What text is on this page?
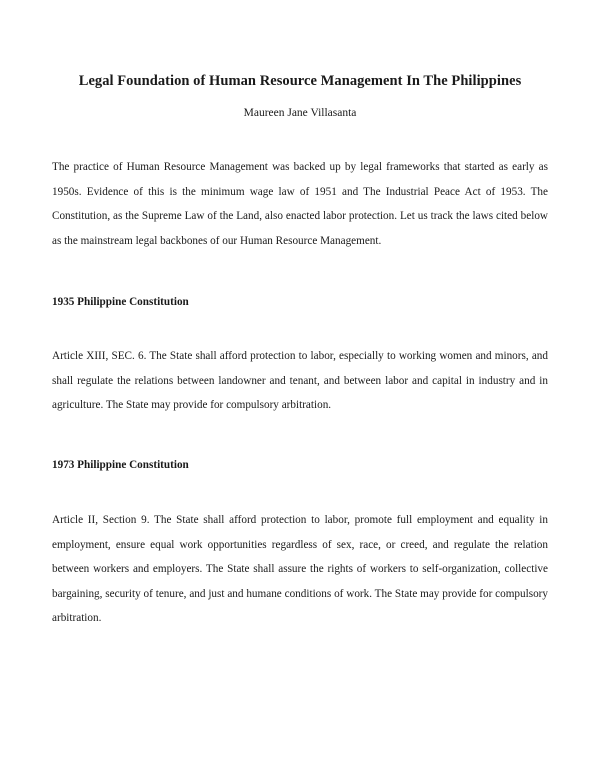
Legal Foundation of Human Resource Management In The Philippines
Maureen Jane Villasanta

The practice of Human Resource Management was backed up by legal frameworks that started as early as 1950s. Evidence of this is the minimum wage law of 1951 and The Industrial Peace Act of 1953. The Constitution, as the Supreme Law of the Land, also enacted labor protection. Let us track the laws cited below as the mainstream legal backbones of our Human Resource Management.

1935 Philippine Constitution

Article XIII, SEC. 6. The State shall afford protection to labor, especially to working women and minors, and shall regulate the relations between landowner and tenant, and between labor and capital in industry and in agriculture. The State may provide for compulsory arbitration.

1973 Philippine Constitution

Article II, Section 9. The State shall afford protection to labor, promote full employment and equality in employment, ensure equal work opportunities regardless of sex, race, or creed, and regulate the relation between workers and employers. The State shall assure the rights of workers to self-organization, collective bargaining, security of tenure, and just and humane conditions of work. The State may provide for compulsory arbitration.
